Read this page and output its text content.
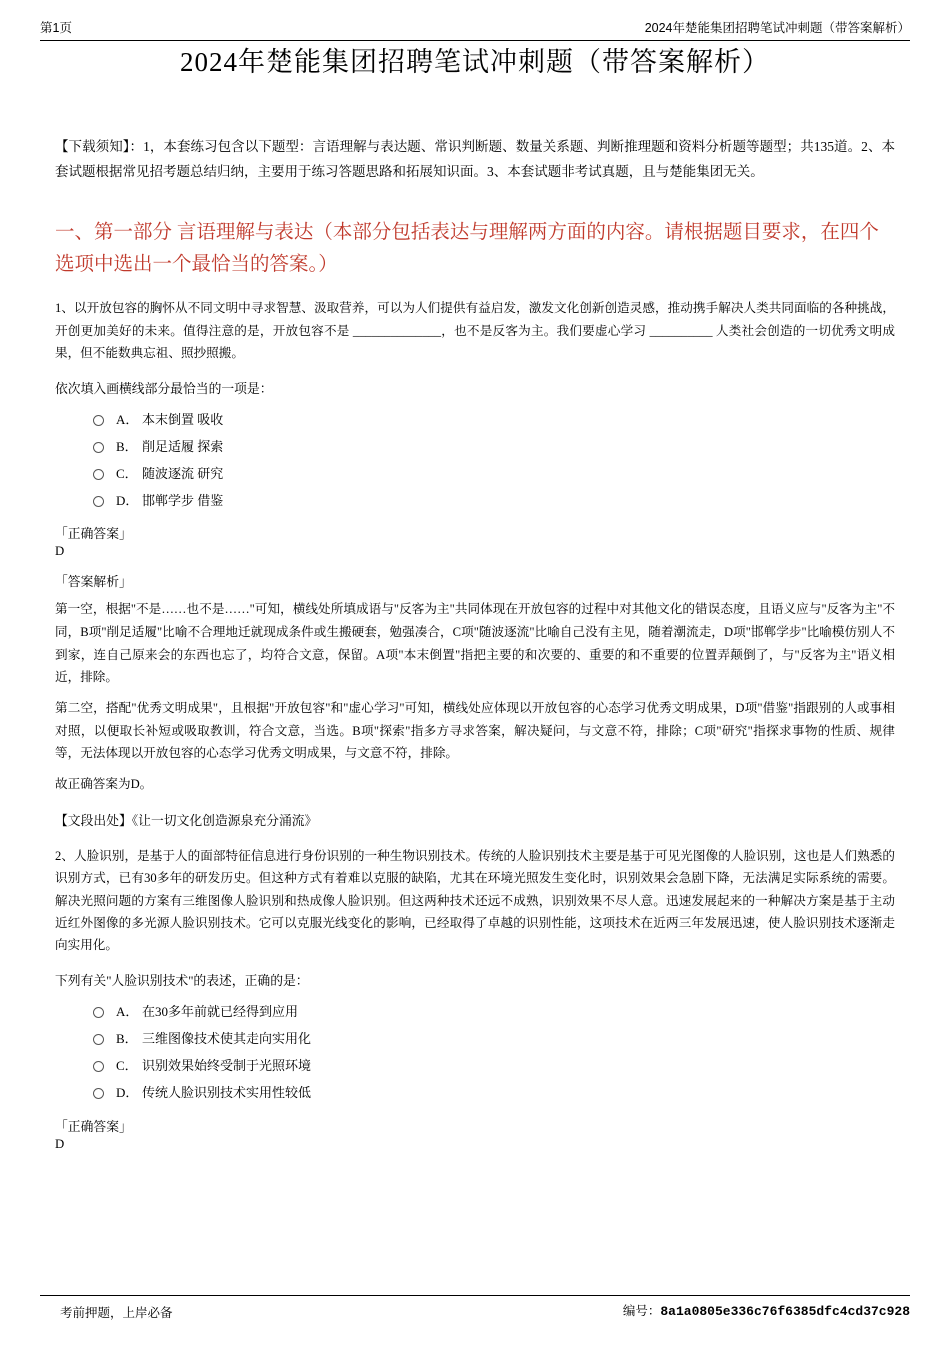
第1页	2024年楚能集团招聘笔试冲刺题（带答案解析）
2024年楚能集团招聘笔试冲刺题（带答案解析）

【下载须知】：1，本套练习包含以下题型：言语理解与表达题、常识判断题、数量关系题、判断推理题和资料分析题等题型；共135道。2、本套试题根据常见招考题总结归纳，主要用于练习答题思路和拓展知识面。3、本套试题非考试真题，且与楚能集团无关。

一、第一部分 言语理解与表达（本部分包括表达与理解两方面的内容。请根据题目要求，在四个选项中选出一个最恰当的答案。）

1、以开放包容的胸怀从不同文明中寻求智慧、汲取营养，可以为人们提供有益启发，激发文化创新创造灵感，推动携手解决人类共同面临的各种挑战，开创更加美好的未来。值得注意的是，开放包容不是 ______________，也不是反客为主。我们要虚心学习 __________ 人类社会创造的一切优秀文明成果，但不能数典忘祖、照抄照搬。

依次填入画横线部分最恰当的一项是：

A． 本末倒置 吸收
B． 削足适履 探索
C． 随波逐流 研究
D． 邯郸学步 借鉴

「正确答案」

D

「答案解析」

第一空，根据"不是……也不是……"可知，横线处所填成语与"反客为主"共同体现在开放包容的过程中对其他文化的错误态度，且语义应与"反客为主"不同，B项"削足适履"比喻不合理地迁就现成条件或生搬硬套，勉强凑合，C项"随波逐流"比喻自己没有主见，随着潮流走，D项"邯郸学步"比喻模仿别人不到家，连自己原来会的东西也忘了，均符合文意，保留。A项"本末倒置"指把主要的和次要的、重要的和不重要的位置弄颠倒了，与"反客为主"语义相近，排除。

第二空，搭配"优秀文明成果"，且根据"开放包容"和"虚心学习"可知，横线处应体现以开放包容的心态学习优秀文明成果，D项"借鉴"指跟别的人或事相对照，以便取长补短或吸取教训，符合文意，当选。B项"探索"指多方寻求答案，解决疑问，与文意不符，排除；C项"研究"指探求事物的性质、规律等，无法体现以开放包容的心态学习优秀文明成果，与文意不符，排除。

故正确答案为D。

【文段出处】《让一切文化创造源泉充分涌流》

2、人脸识别，是基于人的面部特征信息进行身份识别的一种生物识别技术。传统的人脸识别技术主要是基于可见光图像的人脸识别，这也是人们熟悉的识别方式，已有30多年的研发历史。但这种方式有着难以克服的缺陷，尤其在环境光照发生变化时，识别效果会急剧下降，无法满足实际系统的需要。解决光照问题的方案有三维图像人脸识别和热成像人脸识别。但这两种技术还远不成熟，识别效果不尽人意。迅速发展起来的一种解决方案是基于主动近红外图像的多光源人脸识别技术。它可以克服光线变化的影响，已经取得了卓越的识别性能，这项技术在近两三年发展迅速，使人脸识别技术逐渐走向实用化。

下列有关"人脸识别技术"的表述，正确的是：

A． 在30多年前就已经得到应用
B． 三维图像技术使其走向实用化
C． 识别效果始终受制于光照环境
D． 传统人脸识别技术实用性较低

「正确答案」

D

考前押题，上岸必备	编号：8a1a0805e336c76f6385dfc4cd37c928
